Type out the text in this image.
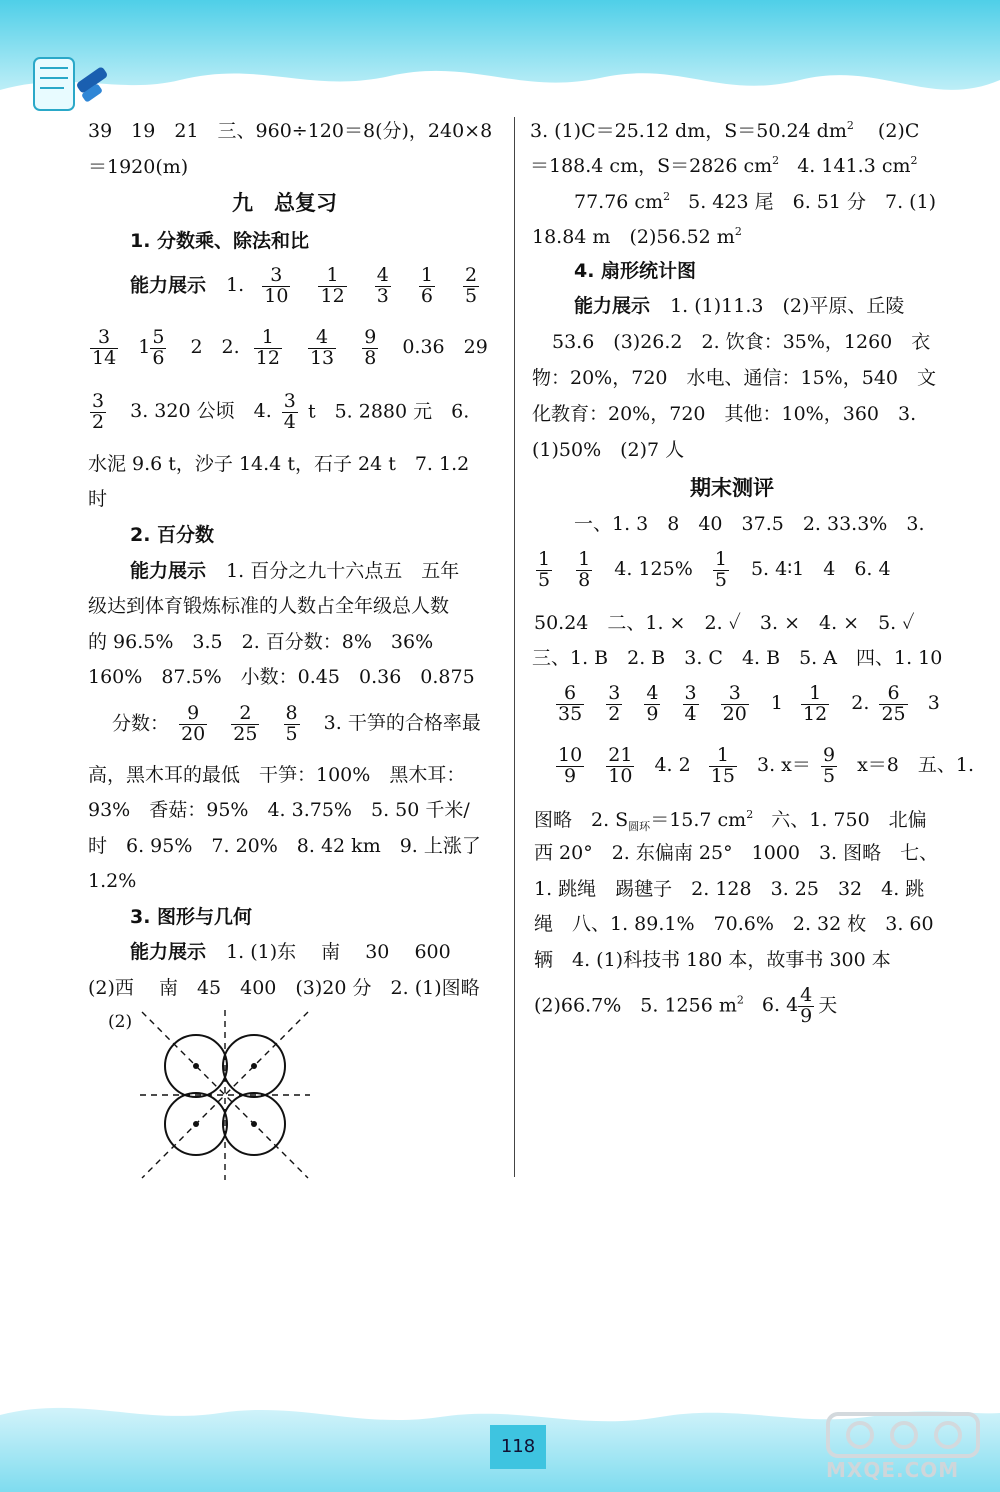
39　19　21　三、960÷120＝8(分)，240×8
＝1920(m)
九　总复习
1. 分数乘、除法和比
能力展示 1. $\frac{3}{10}$
$\frac{1}{12}$
$\frac{4}{3}$
$\frac{1}{6}$
$\frac{2}{5}$
$\frac{3}{14} 1 \frac{5}{6} 2$　2. $\frac{1}{12}$
$\frac{4}{13}$
$\frac{9}{8} 0.36$　29
$\frac{3}{2} 3$. 320 公顷　4. $\frac{3}{4}$ t　5. 2880 元　6.
水泥 9.6 t，沙子 14.4 t，石子 24 t　7. 1.2
时
2. 百分数
能力展示 1. 百分之九十六点五　五年
级达到体育锻炼标准的人数占全年级总人数
的 96.5%　3.5　2. 百分数：8%　36%
160%　87.5%　小数：0.45　0.36　0.875
分数： $\frac{9}{20}$
$\frac{2}{25}$
$\frac{8}{5} 3$. 干笋的合格率最
高，黑木耳的最低　干笋：100%　黑木耳：
93%　香菇：95%　4. 3.75%　5. 50 千米/
时　6. 95%　7. 20%　8. 42 km　9. 上涨了
1.2%
3. 图形与几何
能力展示 1. (1)东　 南　 30　 600
(2)西　 南　45　400　(3)20 分　2. (1)图略
(2)
3. (1)C＝25.12 dm，S＝50.24 $dm^2$ (2)C
＝188.4 cm，S＝2826 $cm^2$ 4. 141.3 $cm^2$
77.76 $cm^2$ 5. 423 尾　6. 51 分　7. (1)
18.84 m　(2)56.52 $m^2$
4. 扇形统计图
能力展示 1. (1)11.3　(2)平原、丘陵
53.6　(3)26.2　2. 饮食：35%，1260　衣
物：20%，720　水电、通信：15%，540　文
化教育：20%，720　其他：10%，360　3.
(1)50%　(2)7 人
期末测评
一、1. 3　8　40　37.5　2. 33.3%　3.
$\frac{1}{5}$
$\frac{1}{8} 4$. $125\% \frac{1}{5} 5$. 4∶1　4　6. 4
50.24　二、1. ×　2. ✓　3. ×　4. ×　5. ✓
三、1. B　2. B　3. C　4. B　5. A　四、1. 10
$\frac{6}{35}$
$\frac{3}{2}$
$\frac{4}{9}$
$\frac{3}{4}$
$\frac{3}{20} 1 \frac{1}{12} 2$. $\frac{6}{25} 3$
$\frac{10}{9}$
$\frac{21}{10} 4$. $2 \frac{1}{15} 3$. $x= \frac{9}{5} x=8$　五、1.
图略　2. $S_{圆环}=15.7$ $cm^2$ 六、1. 750　北偏
西 20°　2. 东偏南 25°　1000　3. 图略　七、
1. 跳绳　踢毽子　2. 128　3. 25　32　4. 跳
绳　八、1. 89.1%　70.6%　2. 32 枚　3. 60
辆　4. (1)科技书 180 本，故事书 300 本
(2)66.7%　5. 1256 $m^2$ 6. $4 \frac{4}{9}$ 天
118
MXQE.COM
